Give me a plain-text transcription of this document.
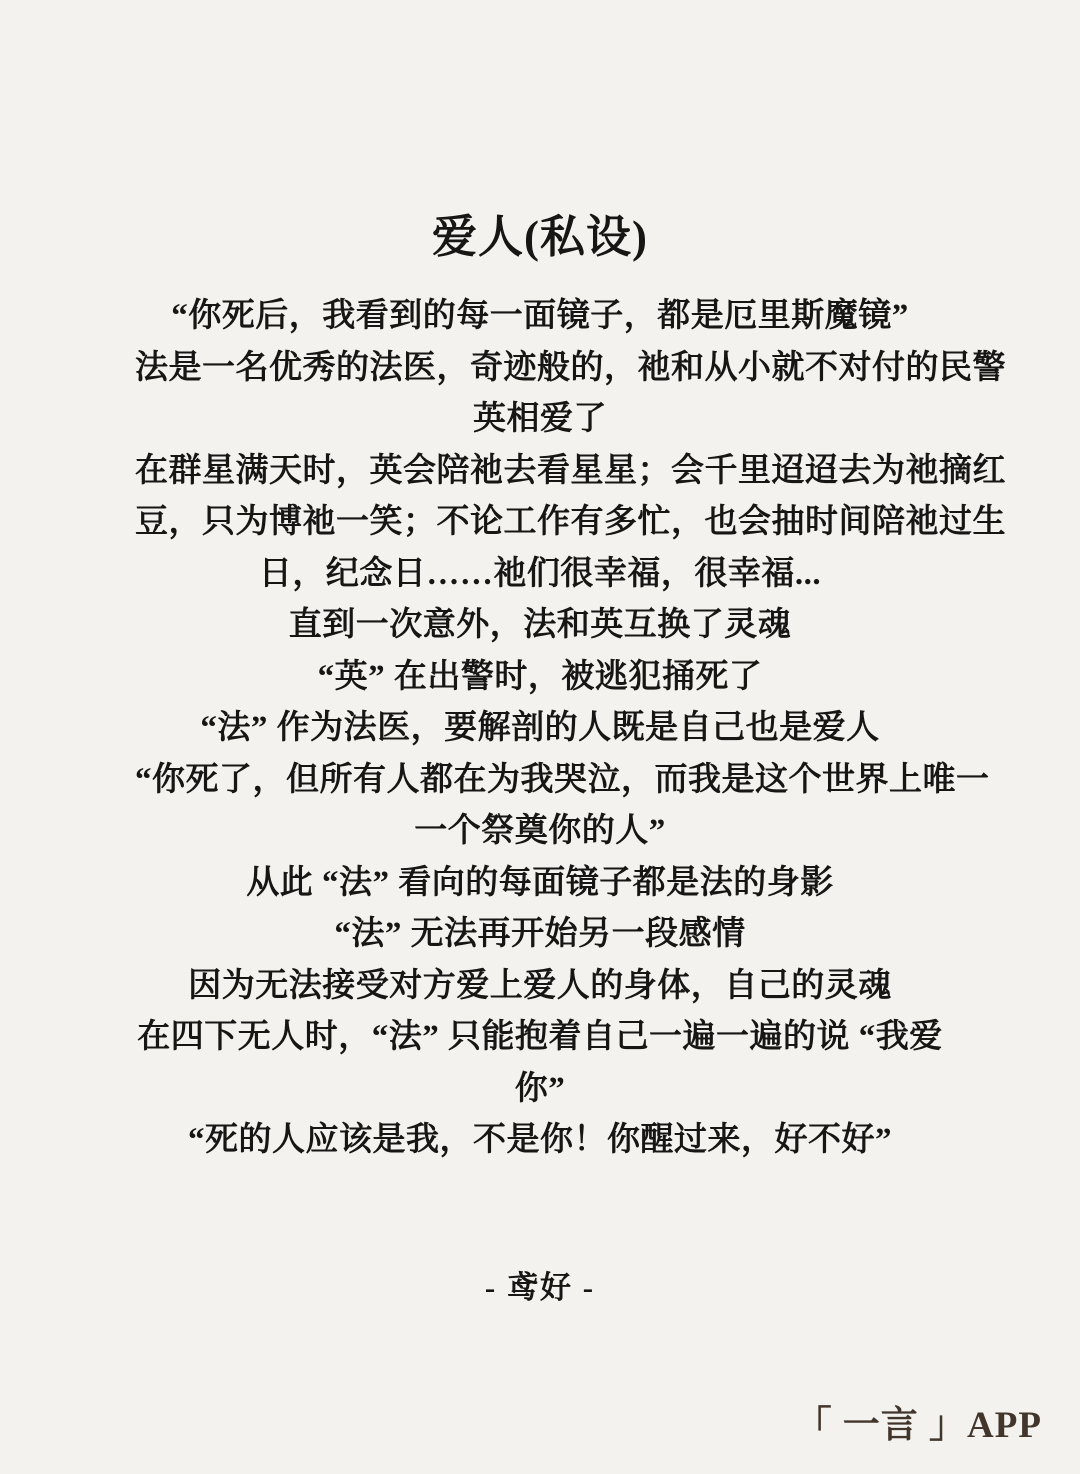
爱人(私设)
“你死后，我看到的每一面镜子，都是厄里斯魔镜”
法是一名优秀的法医，奇迹般的，祂和从小就不对付的民警
英相爱了
在群星满天时，英会陪祂去看星星；会千里迢迢去为祂摘红
豆，只为博祂一笑；不论工作有多忙，也会抽时间陪祂过生
日，纪念日……祂们很幸福，很幸福...
直到一次意外，法和英互换了灵魂
“英” 在出警时，被逃犯捅死了
“法” 作为法医，要解剖的人既是自己也是爱人
“你死了，但所有人都在为我哭泣，而我是这个世界上唯一
一个祭奠你的人”
从此 “法” 看向的每面镜子都是法的身影
“法” 无法再开始另一段感情
因为无法接受对方爱上爱人的身体，自己的灵魂
在四下无人时，“法” 只能抱着自己一遍一遍的说 “我爱
你”
“死的人应该是我，不是你！你醒过来，好不好”
- 鸢好 -
「 一言 」APP
